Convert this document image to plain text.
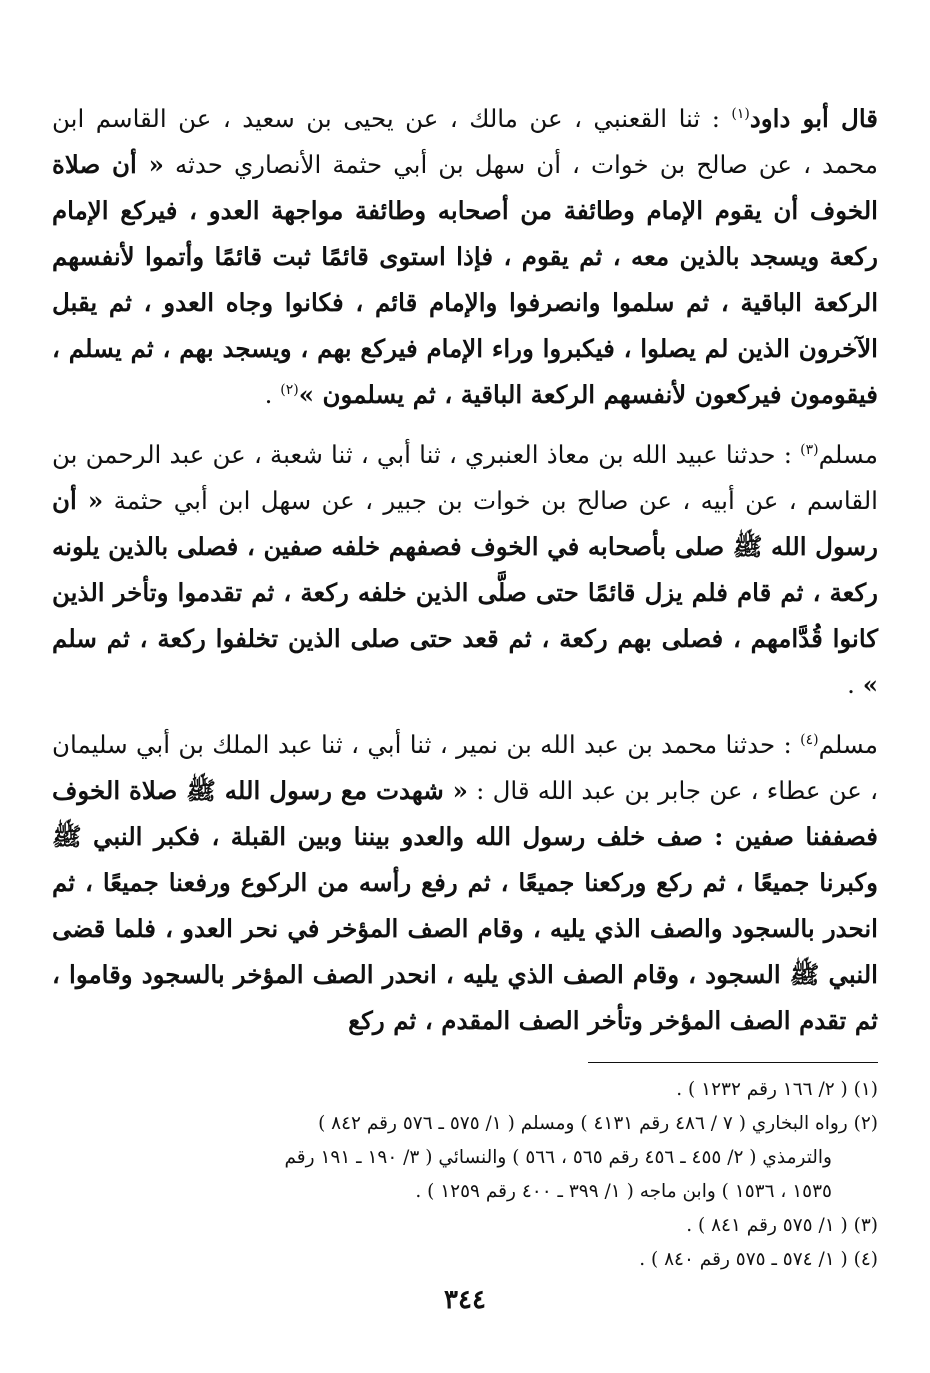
قال أبو داود$^{(١)}$ : ثنا القعنبي ، عن مالك ، عن يحيى بن سعيد ، عن القاسم ابن محمد ، عن صالح بن خوات ، أن سهل بن أبي حثمة الأنصاري حدثه « أن صلاة الخوف أن يقوم الإمام وطائفة من أصحابه وطائفة مواجهة العدو ، فيركع الإمام ركعة ويسجد بالذين معه ، ثم يقوم ، فإذا استوى قائمًا ثبت قائمًا وأتموا لأنفسهم الركعة الباقية ، ثم سلموا وانصرفوا والإمام قائم ، فكانوا وجاه العدو ، ثم يقبل الآخرون الذين لم يصلوا ، فيكبروا وراء الإمام فيركع بهم ، ويسجد بهم ، ثم يسلم ، فيقومون فيركعون لأنفسهم الركعة الباقية ، ثم يسلمون »$^{(٢)}$ .

مسلم$^{(٣)}$ : حدثنا عبيد الله بن معاذ العنبري ، ثنا أبي ، ثنا شعبة ، عن عبد الرحمن بن القاسم ، عن أبيه ، عن صالح بن خوات بن جبير ، عن سهل ابن أبي حثمة « أن رسول الله ﷺ صلى بأصحابه في الخوف فصفهم خلفه صفين ، فصلى بالذين يلونه ركعة ، ثم قام فلم يزل قائمًا حتى صلَّى الذين خلفه ركعة ، ثم تقدموا وتأخر الذين كانوا قُدَّامهم ، فصلى بهم ركعة ، ثم قعد حتى صلى الذين تخلفوا ركعة ، ثم سلم » .

مسلم$^{(٤)}$ : حدثنا محمد بن عبد الله بن نمير ، ثنا أبي ، ثنا عبد الملك بن أبي سليمان ، عن عطاء ، عن جابر بن عبد الله قال : « شهدت مع رسول الله ﷺ صلاة الخوف فصففنا صفين : صف خلف رسول الله والعدو بيننا وبين القبلة ، فكبر النبي ﷺ وكبرنا جميعًا ، ثم ركع وركعنا جميعًا ، ثم رفع رأسه من الركوع ورفعنا جميعًا ، ثم انحدر بالسجود والصف الذي يليه ، وقام الصف المؤخر في نحر العدو ، فلما قضى النبي ﷺ السجود ، وقام الصف الذي يليه ، انحدر الصف المؤخر بالسجود وقاموا ، ثم تقدم الصف المؤخر وتأخر الصف المقدم ، ثم ركع

(١) ( ٢/ ١٦٦ رقم ١٢٣٢ ) .

(٢) رواه البخاري ( ٧ / ٤٨٦ رقم ٤١٣١ ) ومسلم ( ١/ ٥٧٥ ـ ٥٧٦ رقم ٨٤٢ )

والترمذي ( ٢/ ٤٥٥ ـ ٤٥٦ رقم ٥٦٥ ، ٥٦٦ ) والنسائي ( ٣/ ١٩٠ ـ ١٩١ رقم

١٥٣٥ ، ١٥٣٦ ) وابن ماجه ( ١/ ٣٩٩ ـ ٤٠٠ رقم ١٢٥٩ ) .

(٣) ( ١/ ٥٧٥ رقم ٨٤١ ) .

(٤) ( ١/ ٥٧٤ ـ ٥٧٥ رقم ٨٤٠ ) .

٣٤٤
